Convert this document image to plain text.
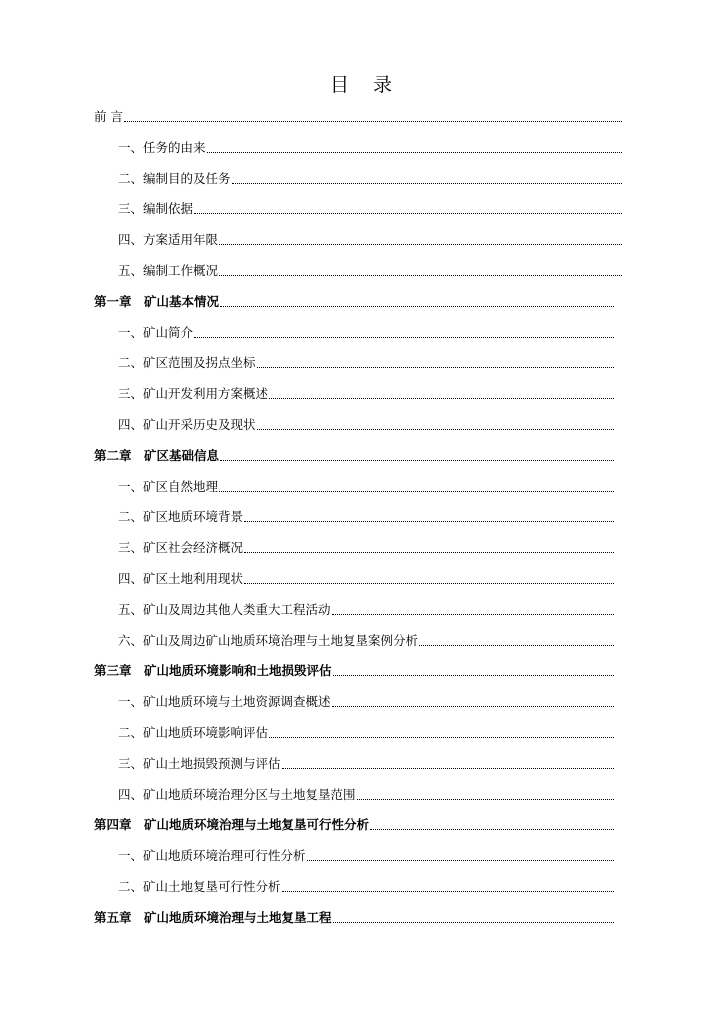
目 录
前 言
一、任务的由来
二、编制目的及任务
三、编制依据
四、方案适用年限
五、编制工作概况
第一章　矿山基本情况
一、矿山简介
二、矿区范围及拐点坐标
三、矿山开发利用方案概述
四、矿山开采历史及现状
第二章　矿区基础信息
一、矿区自然地理
二、矿区地质环境背景
三、矿区社会经济概况
四、矿区土地利用现状
五、矿山及周边其他人类重大工程活动
六、矿山及周边矿山地质环境治理与土地复垦案例分析
第三章　矿山地质环境影响和土地损毁评估
一、矿山地质环境与土地资源调查概述
二、矿山地质环境影响评估
三、矿山土地损毁预测与评估
四、矿山地质环境治理分区与土地复垦范围
第四章　矿山地质环境治理与土地复垦可行性分析
一、矿山地质环境治理可行性分析
二、矿山土地复垦可行性分析
第五章　矿山地质环境治理与土地复垦工程
